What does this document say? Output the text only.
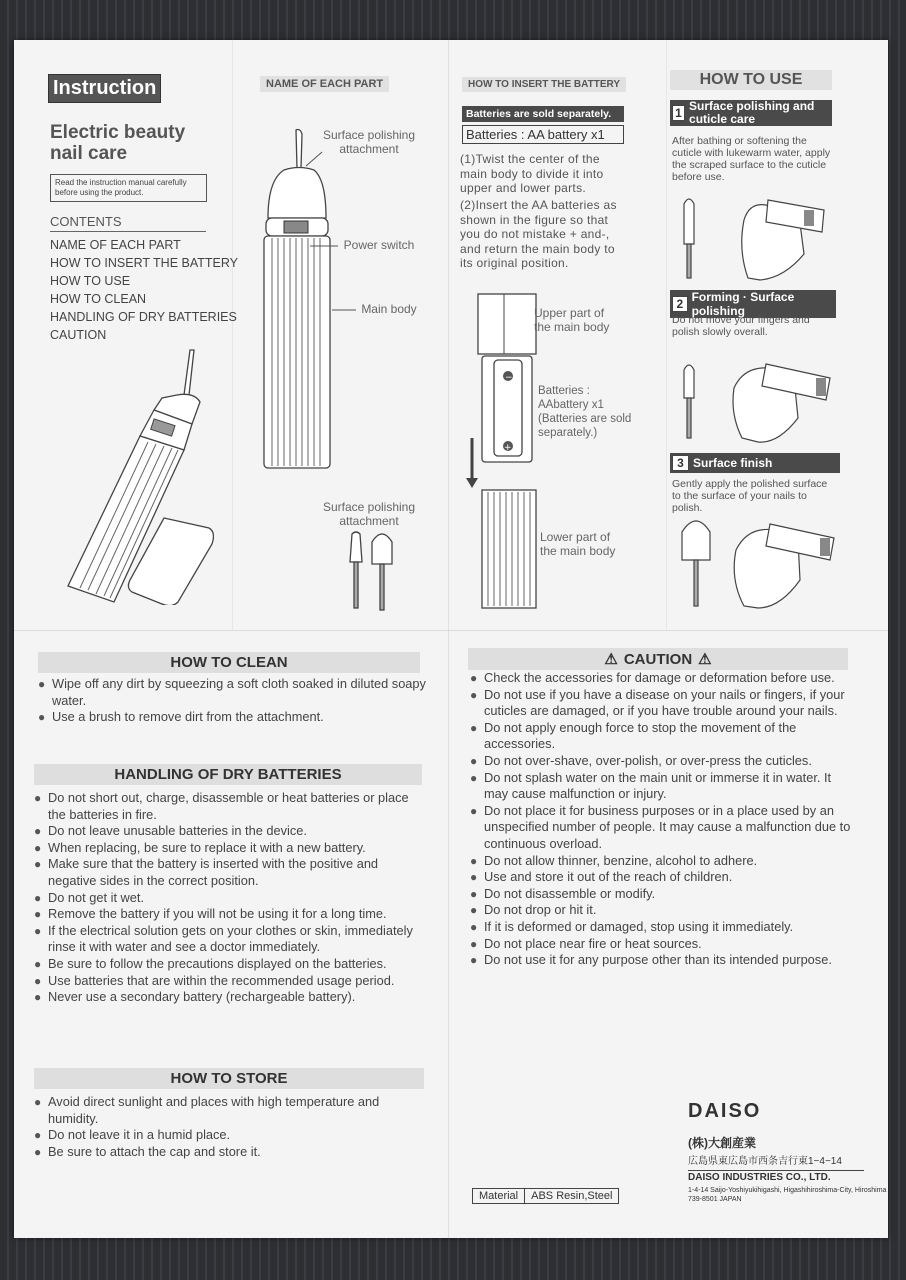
Instruction
Electric beauty nail care
Read the instruction manual carefully before using the product.
CONTENTS
NAME OF EACH PART
HOW TO INSERT THE BATTERY
HOW TO USE
HOW TO CLEAN
HANDLING OF DRY BATTERIES
CAUTION
NAME OF EACH PART
Surface polishing attachment
Power switch
Main body
Surface polishing attachment
HOW TO INSERT THE BATTERY
Batteries are sold separately.
Batteries : AA battery x1
(1)Twist the center of the main body to divide it into upper and lower parts.
(2)Insert the AA batteries as shown in the figure so that you do not mistake + and-, and return the main body to its original position.
−
+
Upper part of the main body
Batteries : AAbattery x1 (Batteries are sold separately.)
Lower part of the main body
HOW TO USE
1 Surface polishing and cuticle care
After bathing or softening the cuticle with lukewarm water, apply the scraped surface to the cuticle before use.
2 Forming · Surface polishing
Do not move your fingers and polish slowly overall.
3 Surface finish
Gently apply the polished surface to the surface of your nails to polish.
HOW TO CLEAN
● Wipe off any dirt by squeezing a soft cloth soaked in diluted soapy water.
● Use a brush to remove dirt from the attachment.
HANDLING OF DRY BATTERIES
● Do not short out, charge, disassemble or heat batteries or place the batteries in fire.
● Do not leave unusable batteries in the device.
● When replacing, be sure to replace it with a new battery.
● Make sure that the battery is inserted with the positive and negative sides in the correct position.
● Do not get it wet.
● Remove the battery if you will not be using it for a long time.
● If the electrical solution gets on your clothes or skin, immediately rinse it with water and see a doctor immediately.
● Be sure to follow the precautions displayed on the batteries.
● Use batteries that are within the recommended usage period.
● Never use a secondary battery (rechargeable battery).
HOW TO STORE
● Avoid direct sunlight and places with high temperature and humidity.
● Do not leave it in a humid place.
● Be sure to attach the cap and store it.
⚠ CAUTION ⚠
● Check the accessories for damage or deformation before use.
● Do not use if you have a disease on your nails or fingers, if your cuticles are damaged, or if you have trouble around your nails.
● Do not apply enough force to stop the movement of the accessories.
● Do not over-shave, over-polish, or over-press the cuticles.
● Do not splash water on the main unit or immerse it in water. It may cause malfunction or injury.
● Do not place it for business purposes or in a place used by an unspecified number of people. It may cause a malfunction due to continuous overload.
● Do not allow thinner, benzine, alcohol to adhere.
● Use and store it out of the reach of children.
● Do not disassemble or modify.
● Do not drop or hit it.
● If it is deformed or damaged, stop using it immediately.
● Do not place near fire or heat sources.
● Do not use it for any purpose other than its intended purpose.
DAISO
(株)大創産業
広島県東広島市西条吉行東1−4−14
DAISO INDUSTRIES CO., LTD.
1-4-14 Saijo-Yoshiyukihigashi, Higashihiroshima-City, Hiroshima 739-8501 JAPAN
Material	ABS Resin,Steel
